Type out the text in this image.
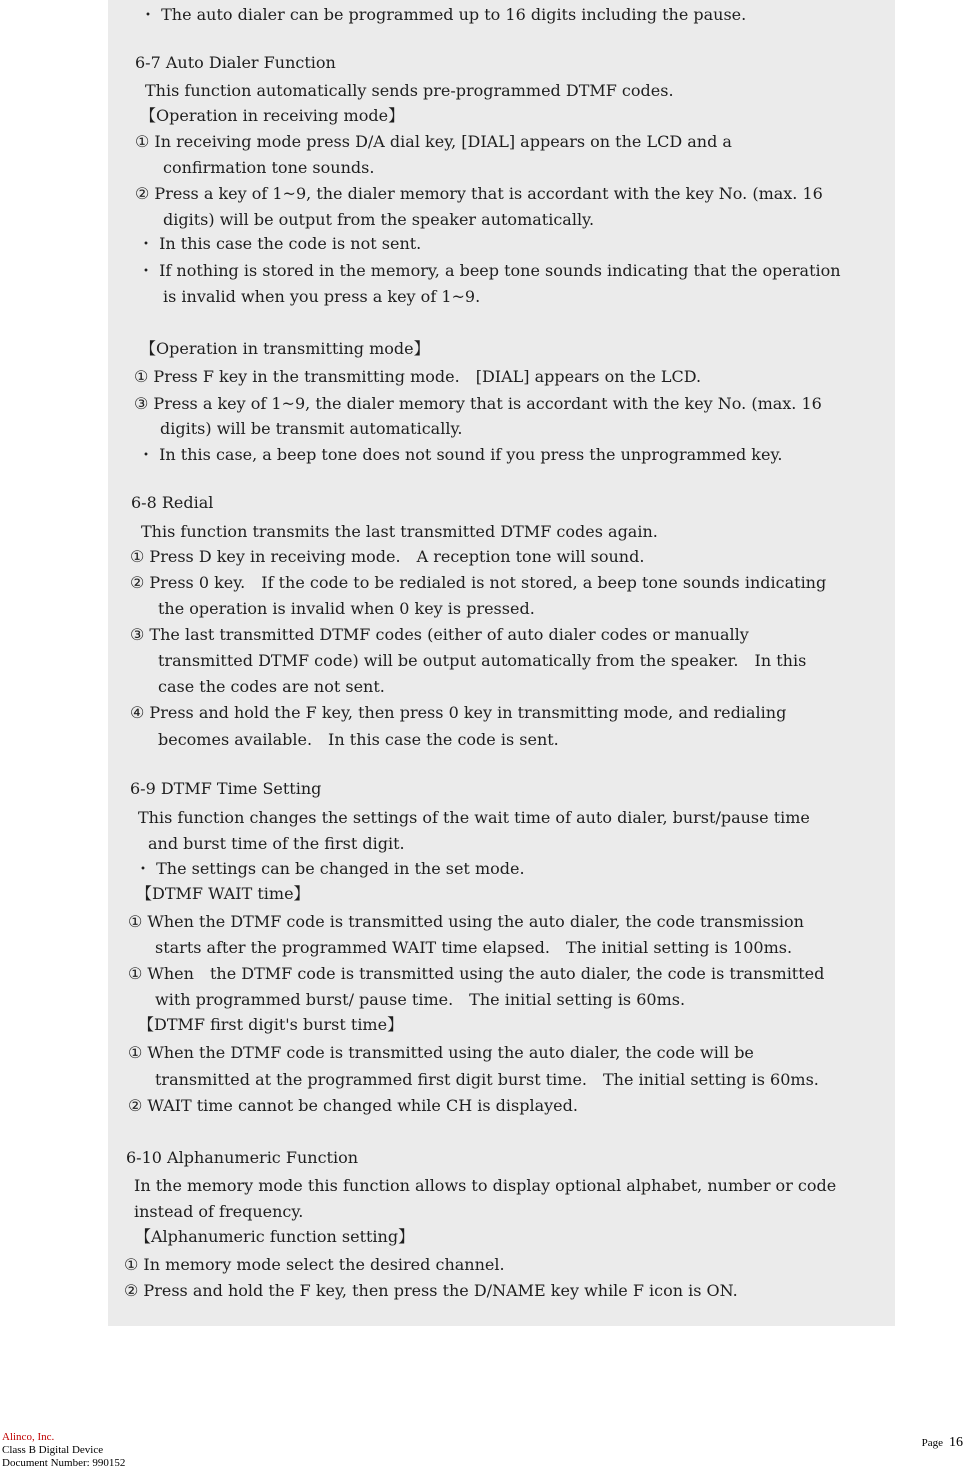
・ The auto dialer can be programmed up to 16 digits including the pause.
6-7 Auto Dialer Function
This function automatically sends pre-programmed DTMF codes.
【Operation in receiving mode】
① In receiving mode press D/A dial key, [DIAL] appears on the LCD and a
confirmation tone sounds.
② Press a key of 1~9, the dialer memory that is accordant with the key No. (max. 16
digits) will be output from the speaker automatically.
・ In this case the code is not sent.
・ If nothing is stored in the memory, a beep tone sounds indicating that the operation
is invalid when you press a key of 1~9.
【Operation in transmitting mode】
① Press F key in the transmitting mode.　[DIAL] appears on the LCD.
③ Press a key of 1~9, the dialer memory that is accordant with the key No. (max. 16
digits) will be transmit automatically.
・ In this case, a beep tone does not sound if you press the unprogrammed key.
6-8 Redial
This function transmits the last transmitted DTMF codes again.
① Press D key in receiving mode.　A reception tone will sound.
② Press 0 key.　If the code to be redialed is not stored, a beep tone sounds indicating
the operation is invalid when 0 key is pressed.
③ The last transmitted DTMF codes (either of auto dialer codes or manually
transmitted DTMF code) will be output automatically from the speaker.　In this
case the codes are not sent.
④ Press and hold the F key, then press 0 key in transmitting mode, and redialing
becomes available.　In this case the code is sent.
6-9 DTMF Time Setting
This function changes the settings of the wait time of auto dialer, burst/pause time
and burst time of the first digit.
・ The settings can be changed in the set mode.
【DTMF WAIT time】
① When the DTMF code is transmitted using the auto dialer, the code transmission
starts after the programmed WAIT time elapsed.　The initial setting is 100ms.
① When　the DTMF code is transmitted using the auto dialer, the code is transmitted
with programmed burst/ pause time.　The initial setting is 60ms.
【DTMF first digit's burst time】
① When the DTMF code is transmitted using the auto dialer, the code will be
transmitted at the programmed first digit burst time.　The initial setting is 60ms.
② WAIT time cannot be changed while CH is displayed.
6-10 Alphanumeric Function
In the memory mode this function allows to display optional alphabet, number or code
instead of frequency.
【Alphanumeric function setting】
① In memory mode select the desired channel.
② Press and hold the F key, then press the D/NAME key while F icon is ON.
Alinco, Inc.
Class B Digital Device
Document Number: 990152
Page 16
